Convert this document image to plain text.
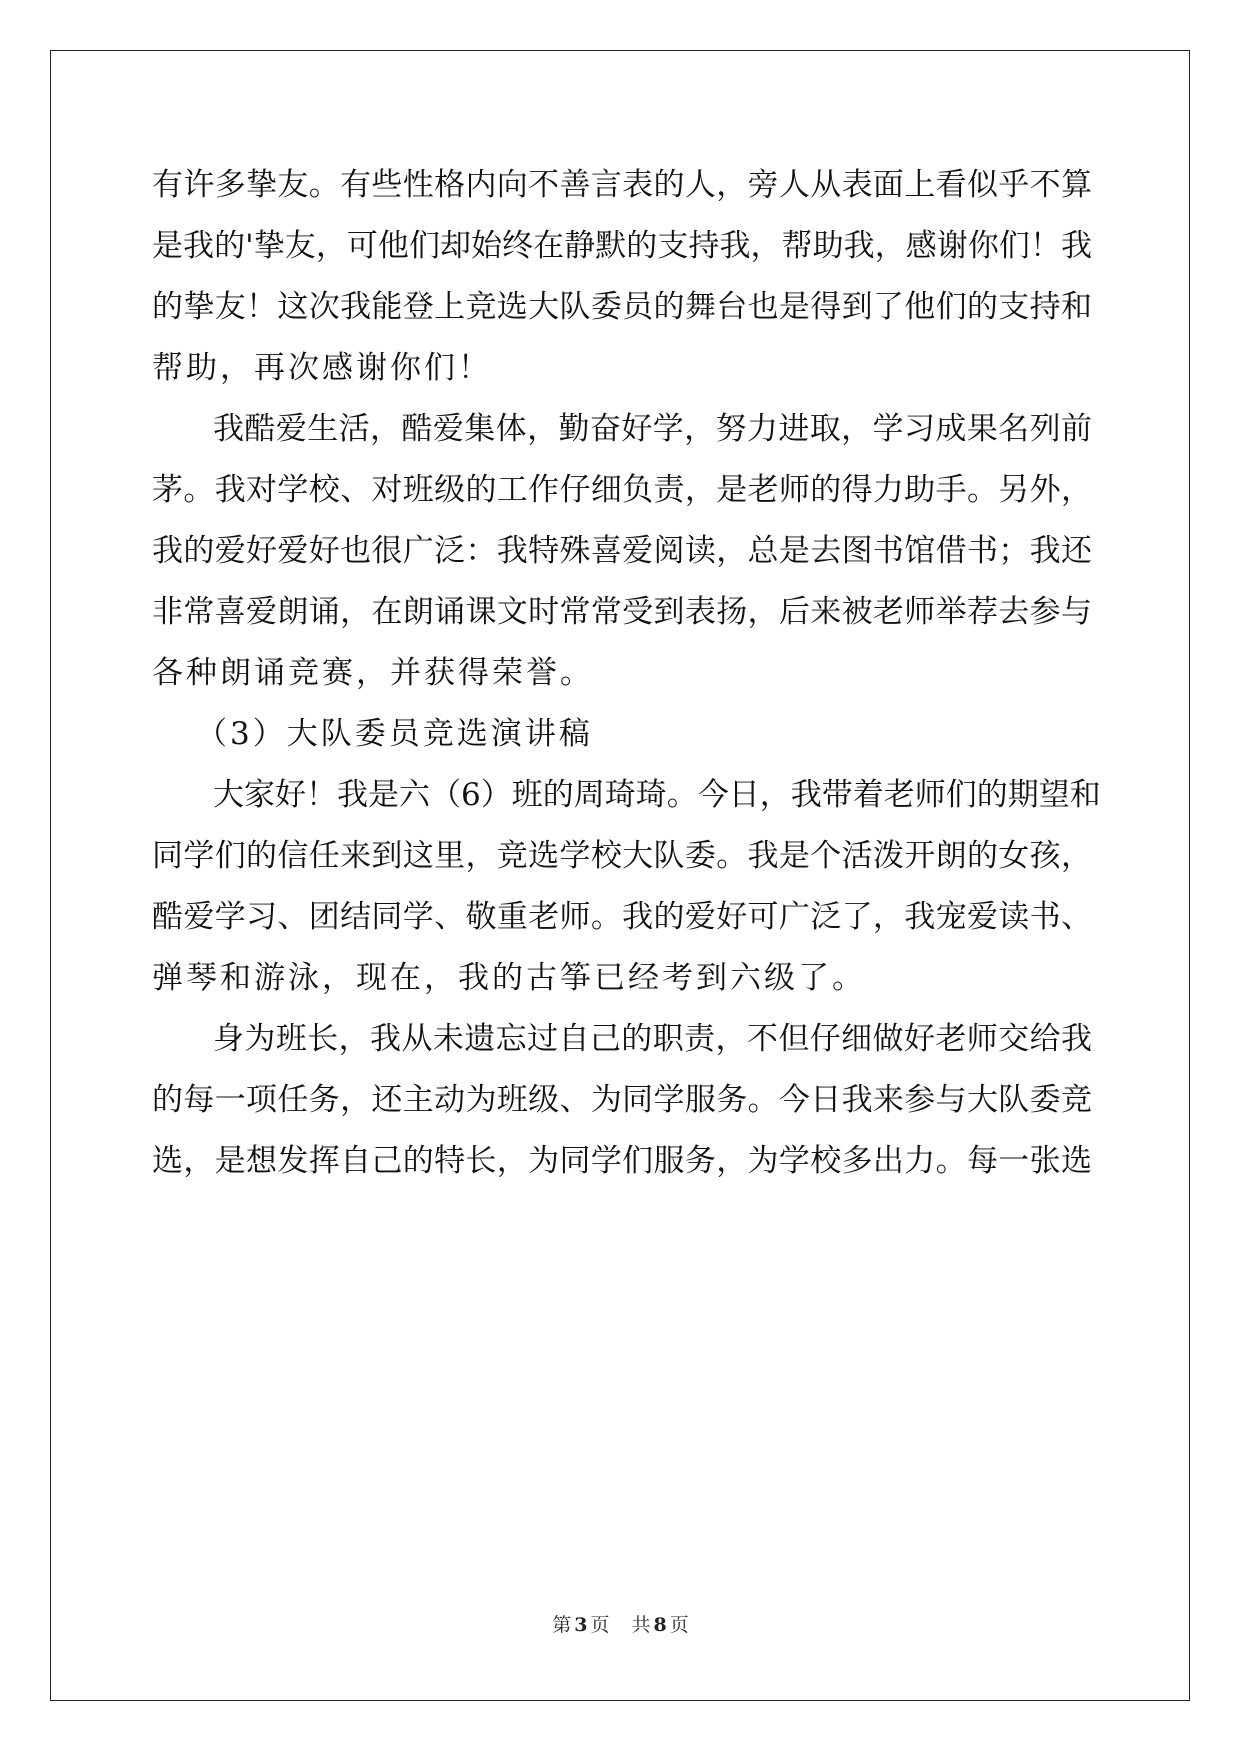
有许多挚友。有些性格内向不善言表的人，旁人从表面上看似乎不算
是我的'挚友，可他们却始终在静默的支持我，帮助我，感谢你们！我
的挚友！这次我能登上竞选大队委员的舞台也是得到了他们的支持和
帮助，再次感谢你们！
我酷爱生活，酷爱集体，勤奋好学，努力进取，学习成果名列前
茅。我对学校、对班级的工作仔细负责，是老师的得力助手。另外，
我的爱好爱好也很广泛：我特殊喜爱阅读，总是去图书馆借书；我还
非常喜爱朗诵，在朗诵课文时常常受到表扬，后来被老师举荐去参与
各种朗诵竞赛，并获得荣誉。
（3）大队委员竞选演讲稿
大家好！我是六（6）班的周琦琦。今日，我带着老师们的期望和
同学们的信任来到这里，竞选学校大队委。我是个活泼开朗的女孩，
酷爱学习、团结同学、敬重老师。我的爱好可广泛了，我宠爱读书、
弹琴和游泳，现在，我的古筝已经考到六级了。
身为班长，我从未遗忘过自己的职责，不但仔细做好老师交给我
的每一项任务，还主动为班级、为同学服务。今日我来参与大队委竞
选，是想发挥自己的特长，为同学们服务，为学校多出力。每一张选
第 3 页 共 8 页
